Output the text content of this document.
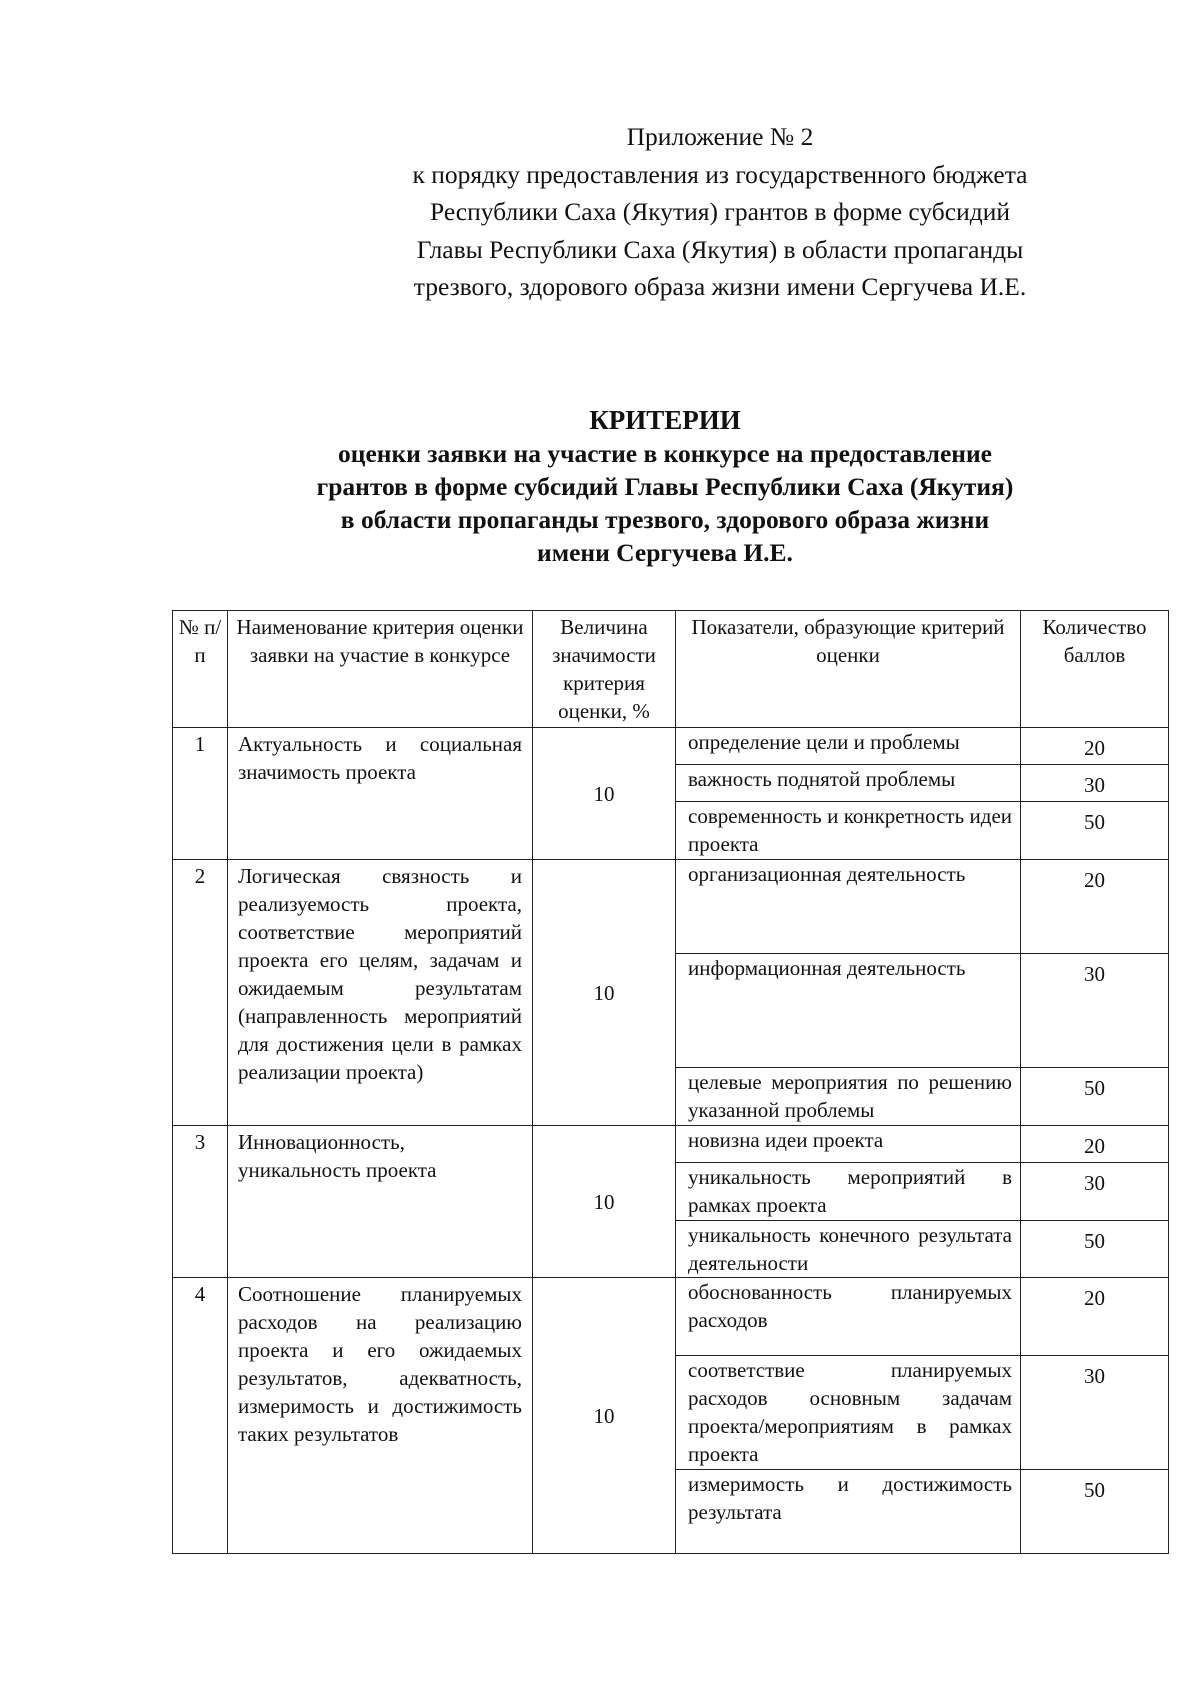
Приложение № 2
к порядку предоставления из государственного бюджета
Республики Саха (Якутия) грантов в форме субсидий
Главы Республики Саха (Якутия) в области пропаганды
трезвого, здорового образа жизни имени Сергучева И.Е.
КРИТЕРИИ
оценки заявки на участие в конкурсе на предоставление
грантов в форме субсидий Главы Республики Саха (Якутия)
в области пропаганды трезвого, здорового образа жизни
имени Сергучева И.Е.
№ п/п	Наименование критерия оценки заявки на участие в конкурсе	Величина значимости критерия оценки, %	Показатели, образующие критерий оценки	Количество баллов
1	Актуальность и социальная значимость проекта	10	определение цели и проблемы	20
			важность поднятой проблемы	30
			современность и конкретность идеи проекта	50
2	Логическая связность и реализуемость проекта, соответствие мероприятий проекта его целям, задачам и ожидаемым результатам (направленность мероприятий для достижения цели в рамках реализации проекта)	10	организационная деятельность	20
			информационная деятельность	30
			целевые мероприятия по решению указанной проблемы	50
3	Инновационность, уникальность проекта	10	новизна идеи проекта	20
			уникальность мероприятий в рамках проекта	30
			уникальность конечного результата деятельности	50
4	Соотношение планируемых расходов на реализацию проекта и его ожидаемых результатов, адекватность, измеримость и достижимость таких результатов	10	обоснованность планируемых расходов	20
			соответствие планируемых расходов основным задачам проекта/мероприятиям в рамках проекта	30
			измеримость и достижимость результата	50
